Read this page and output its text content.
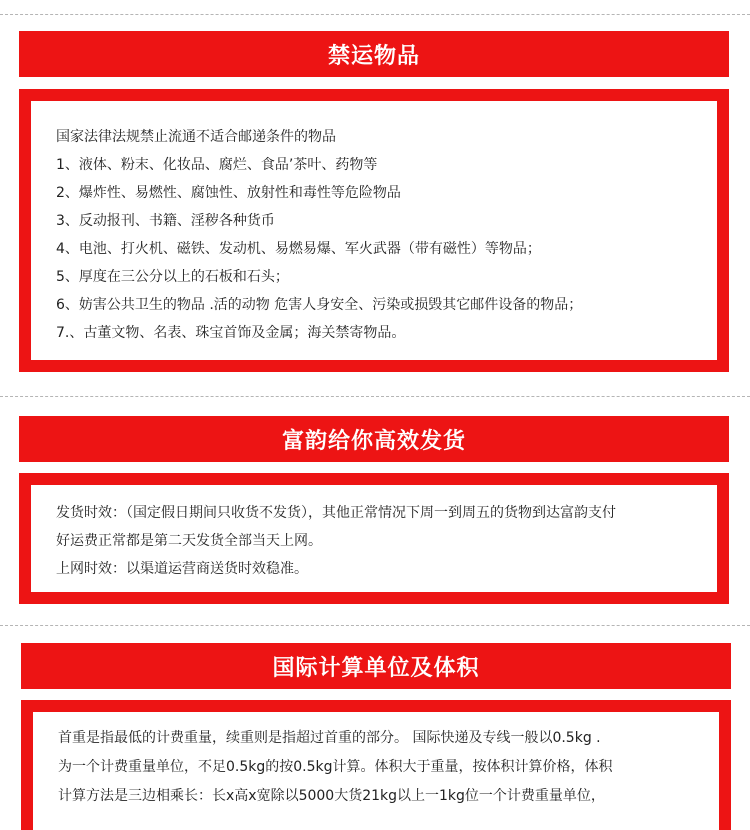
禁运物品
国家法律法规禁止流通不适合邮递条件的物品
1、液体、粉末、化妆品、腐烂、食品’茶叶、药物等
2、爆炸性、易燃性、腐蚀性、放射性和毒性等危险物品
3、反动报刊、书籍、淫秽各种货币
4、电池、打火机、磁铁、发动机、易燃易爆、军火武器（带有磁性）等物品；
5、厚度在三公分以上的石板和石头；
6、妨害公共卫生的物品 .活的动物 危害人身安全、污染或损毁其它邮件设备的物品；
7.、古董文物、名表、珠宝首饰及金属；海关禁寄物品。
富韵给你高效发货
发货时效：（国定假日期间只收货不发货），其他正常情况下周一到周五的货物到达富韵支付
好运费正常都是第二天发货全部当天上网。
上网时效：以渠道运营商送货时效稳准。
国际计算单位及体积
首重是指最低的计费重量，续重则是指超过首重的部分。 国际快递及专线一般以0.5kg .
为一个计费重量单位，不足0.5kg的按0.5kg计算。体积大于重量，按体积计算价格，体积
计算方法是三边相乘长：长x高x宽除以5000大货21kg以上一1kg位一个计费重量单位，
